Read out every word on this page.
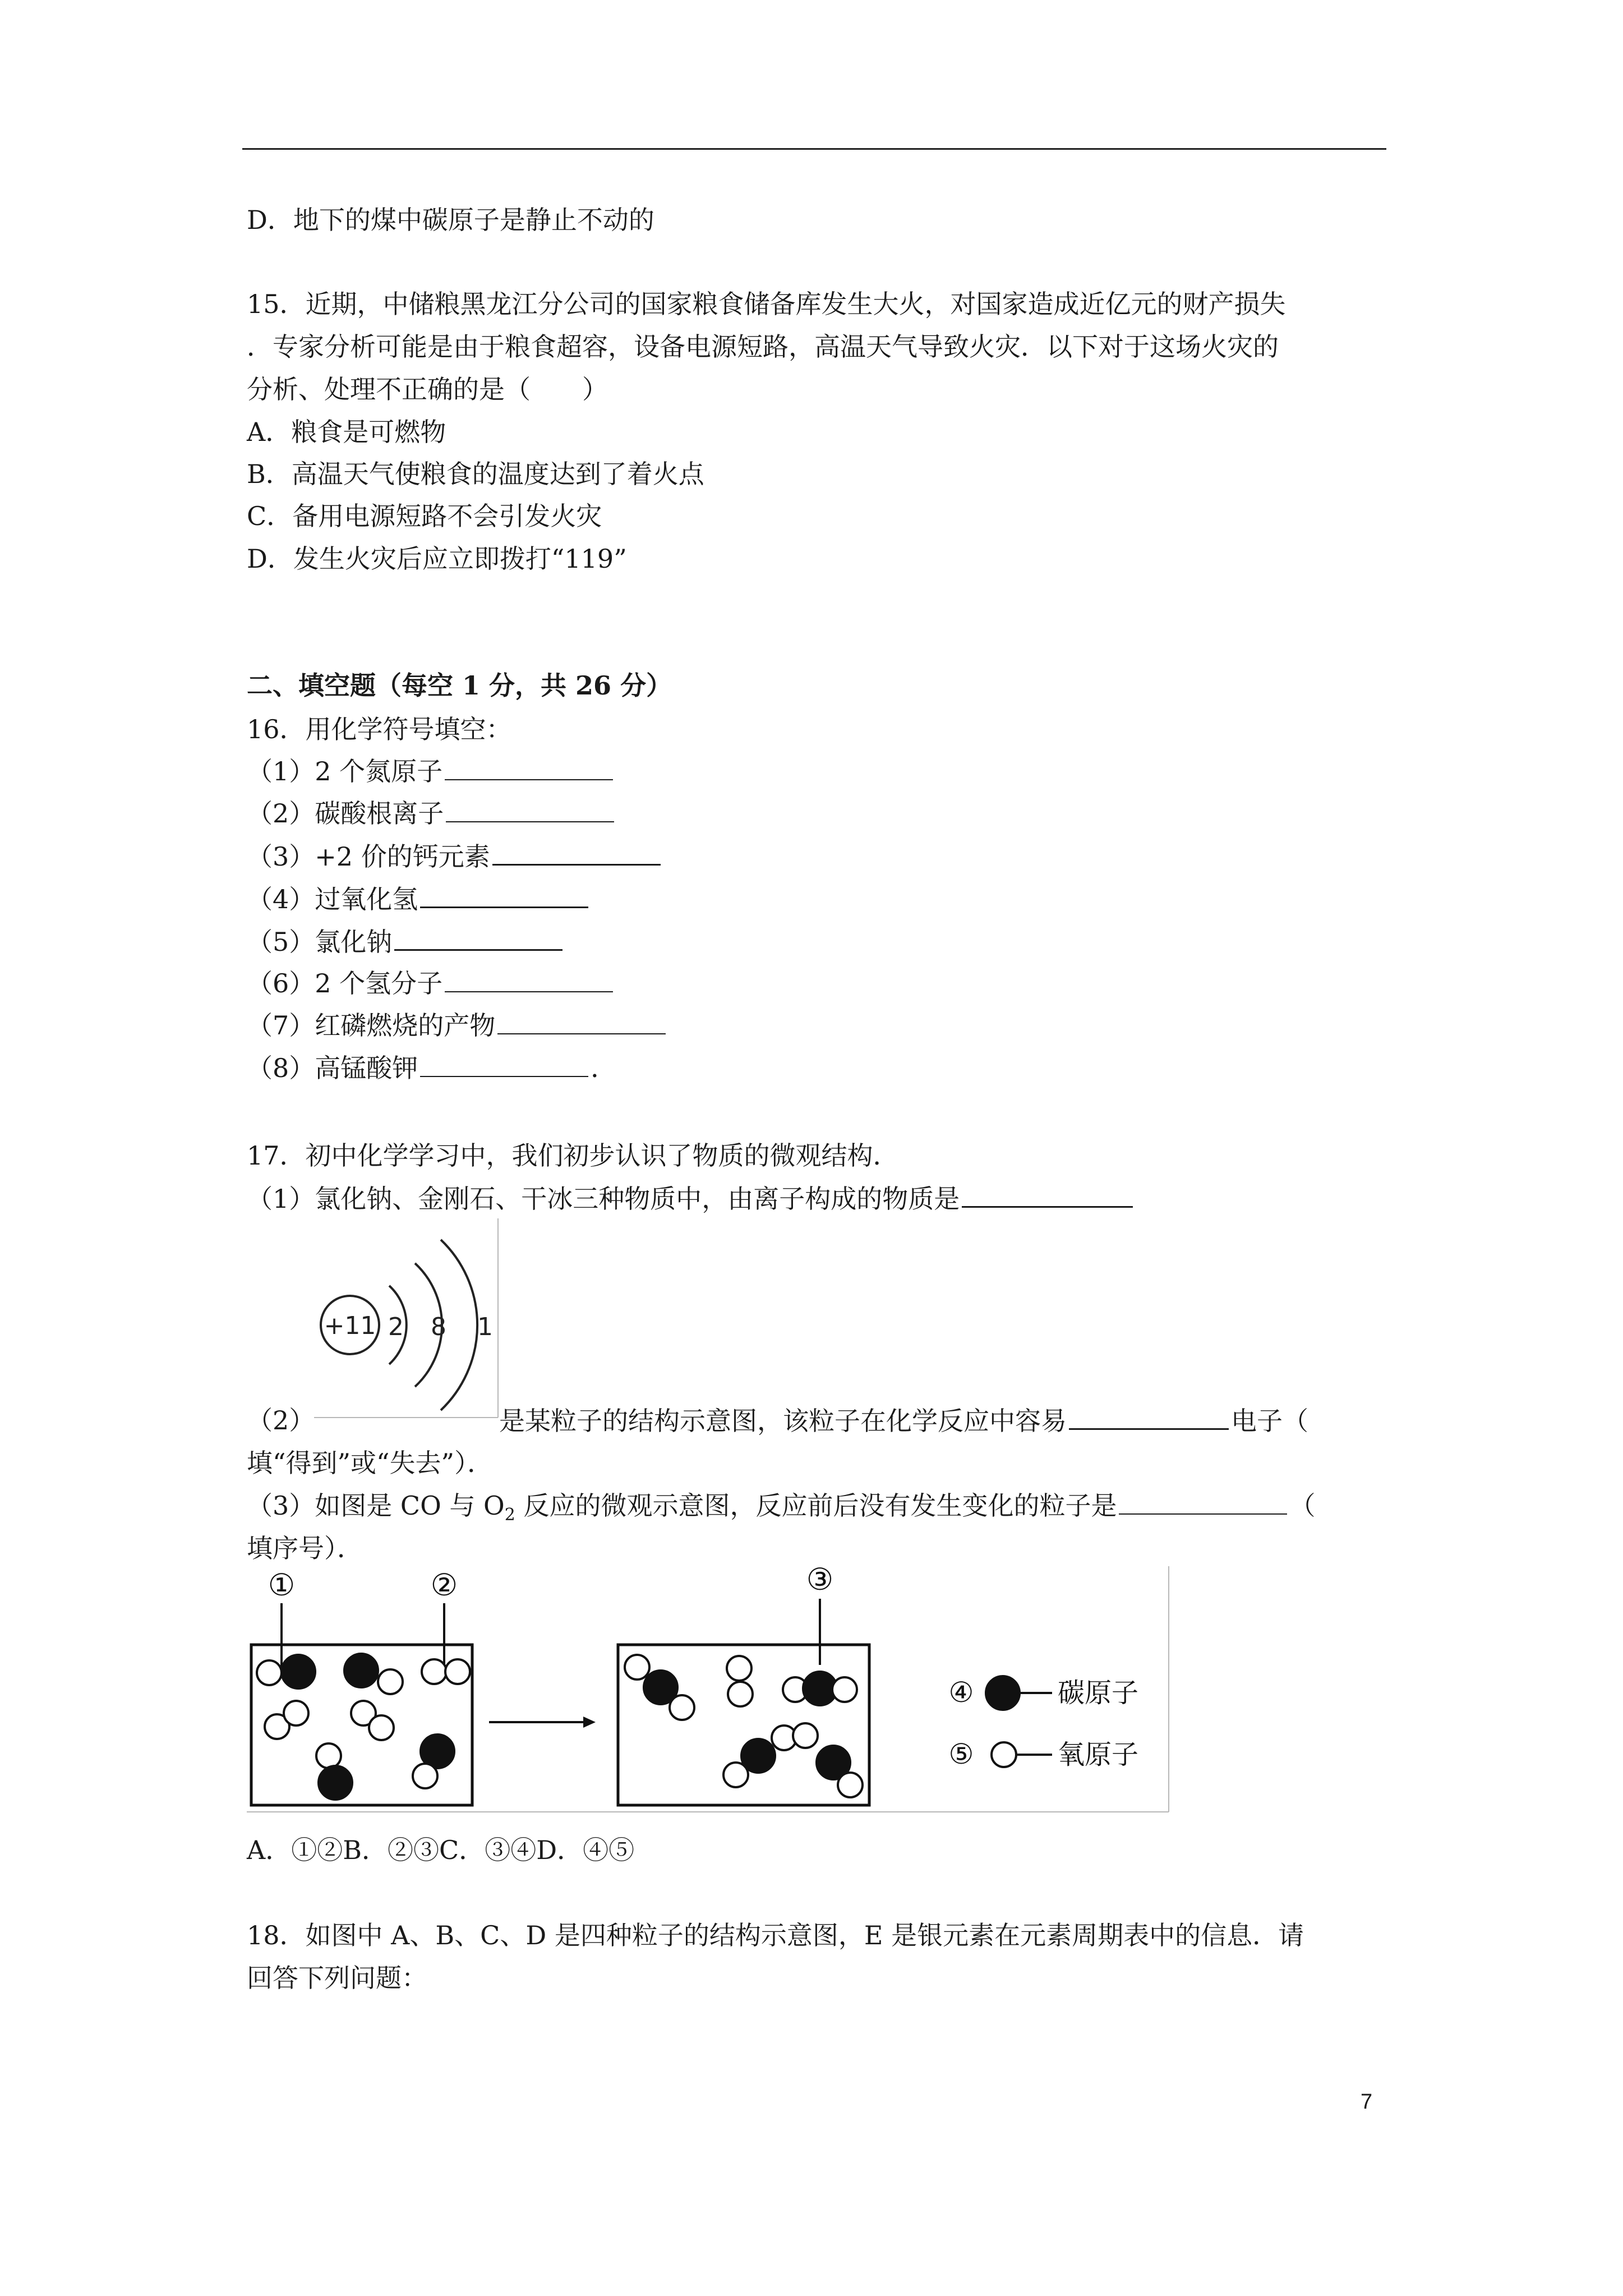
D．地下的煤中碳原子是静止不动的
15．近期，中储粮黑龙江分公司的国家粮食储备库发生大火，对国家造成近亿元的财产损失
．专家分析可能是由于粮食超容，设备电源短路，高温天气导致火灾．以下对于这场火灾的
分析、处理不正确的是（　　）
A．粮食是可燃物
B．高温天气使粮食的温度达到了着火点
C．备用电源短路不会引发火灾
D．发生火灾后应立即拨打“119”
二、填空题（每空 1 分，共 26 分）
16．用化学符号填空：
（1）2 个氮原子
（2）碳酸根离子
（3）+2 价的钙元素
（4）过氧化氢
（5）氯化钠
（6）2 个氢分子
（7）红磷燃烧的产物
（8）高锰酸钾	．
17．初中化学学习中，我们初步认识了物质的微观结构．
（1）氯化钠、金刚石、干冰三种物质中，由离子构成的物质是
+11 2 8 1
（2）	是某粒子的结构示意图，该粒子在化学反应中容易	电子（
填“得到”或“失去”）．
（3）如图是 CO 与 $O_2$ 反应的微观示意图，反应前后没有发生变化的粒子是	（
填序号）．
①	②	③
④	碳原子
⑤	氧原子
A．①②B．②③C．③④D．④⑤
18．如图中 A、B、C、D 是四种粒子的结构示意图，E 是银元素在元素周期表中的信息．请
回答下列问题：
7
